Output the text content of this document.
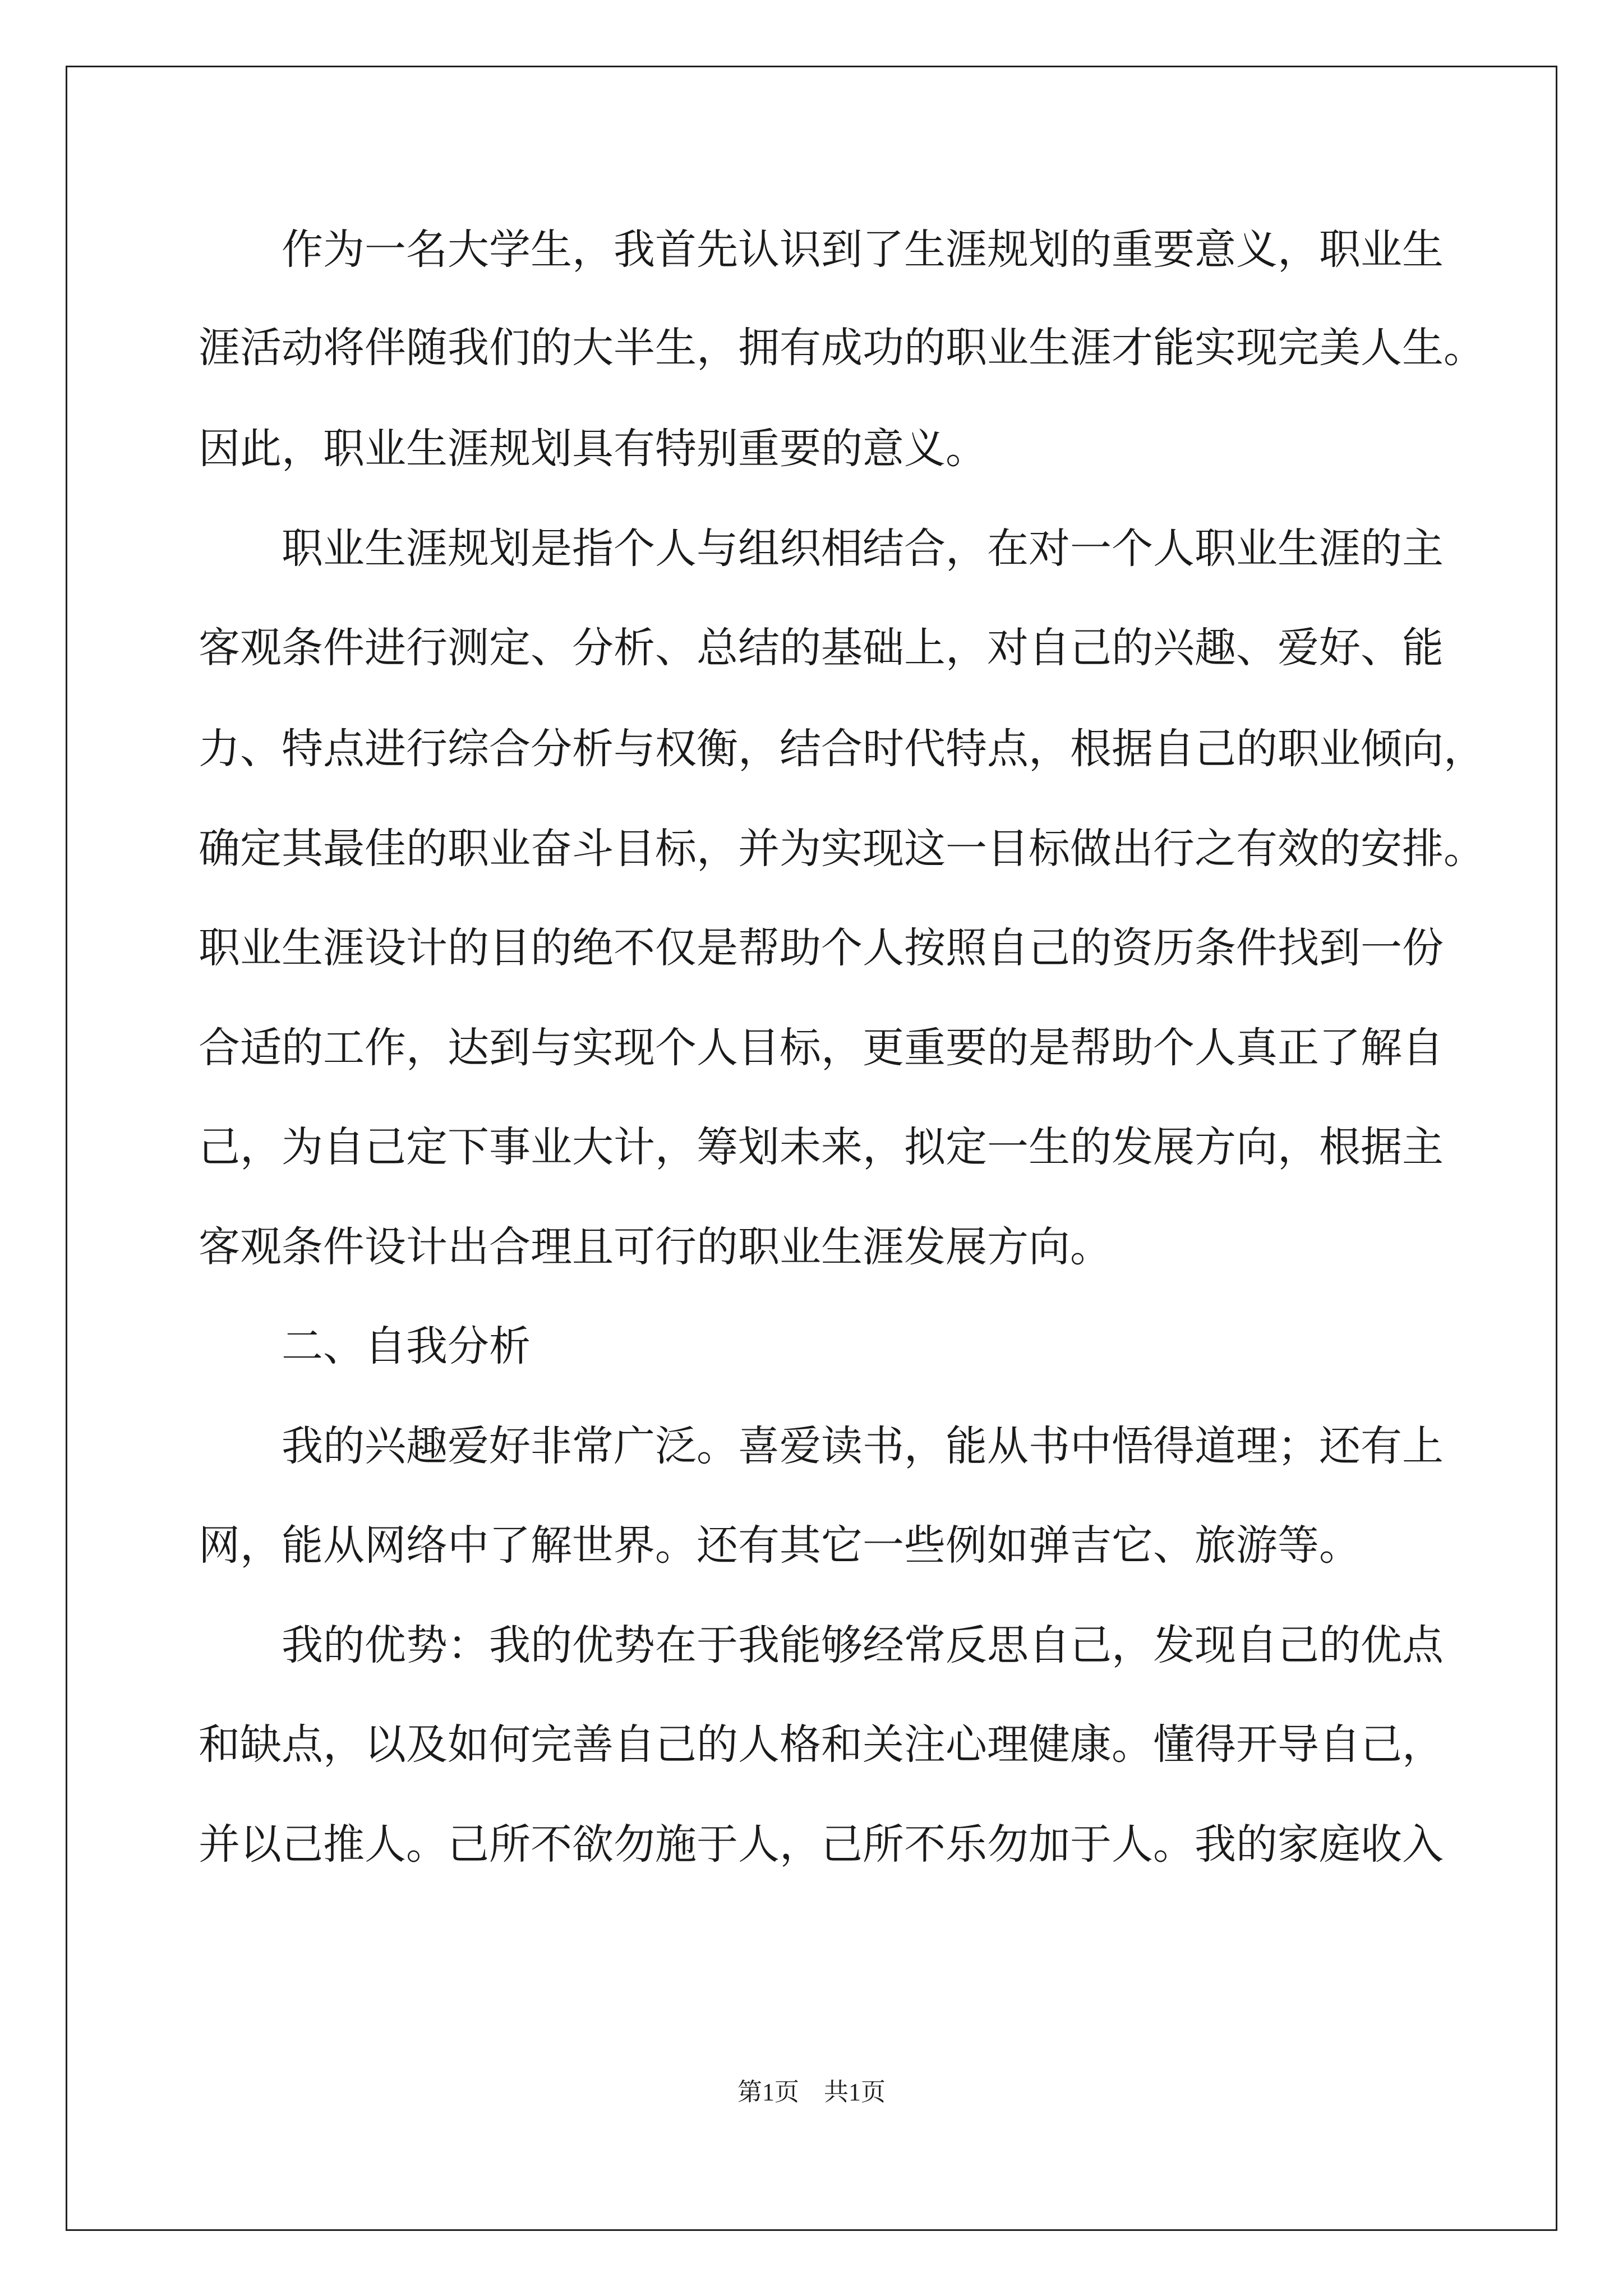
作为一名大学生，我首先认识到了生涯规划的重要意义，职业生
涯活动将伴随我们的大半生，拥有成功的职业生涯才能实现完美人生。
因此，职业生涯规划具有特别重要的意义。
职业生涯规划是指个人与组织相结合，在对一个人职业生涯的主
客观条件进行测定、分析、总结的基础上，对自己的兴趣、爱好、能
力、特点进行综合分析与权衡，结合时代特点，根据自己的职业倾向，
确定其最佳的职业奋斗目标，并为实现这一目标做出行之有效的安排。
职业生涯设计的目的绝不仅是帮助个人按照自己的资历条件找到一份
合适的工作，达到与实现个人目标，更重要的是帮助个人真正了解自
己，为自己定下事业大计，筹划未来，拟定一生的发展方向，根据主
客观条件设计出合理且可行的职业生涯发展方向。
二、自我分析
我的兴趣爱好非常广泛。喜爱读书，能从书中悟得道理；还有上
网，能从网络中了解世界。还有其它一些例如弹吉它、旅游等。
我的优势：我的优势在于我能够经常反思自己，发现自己的优点
和缺点，以及如何完善自己的人格和关注心理健康。懂得开导自己，
并以己推人。己所不欲勿施于人，己所不乐勿加于人。我的家庭收入
第1页　共1页
